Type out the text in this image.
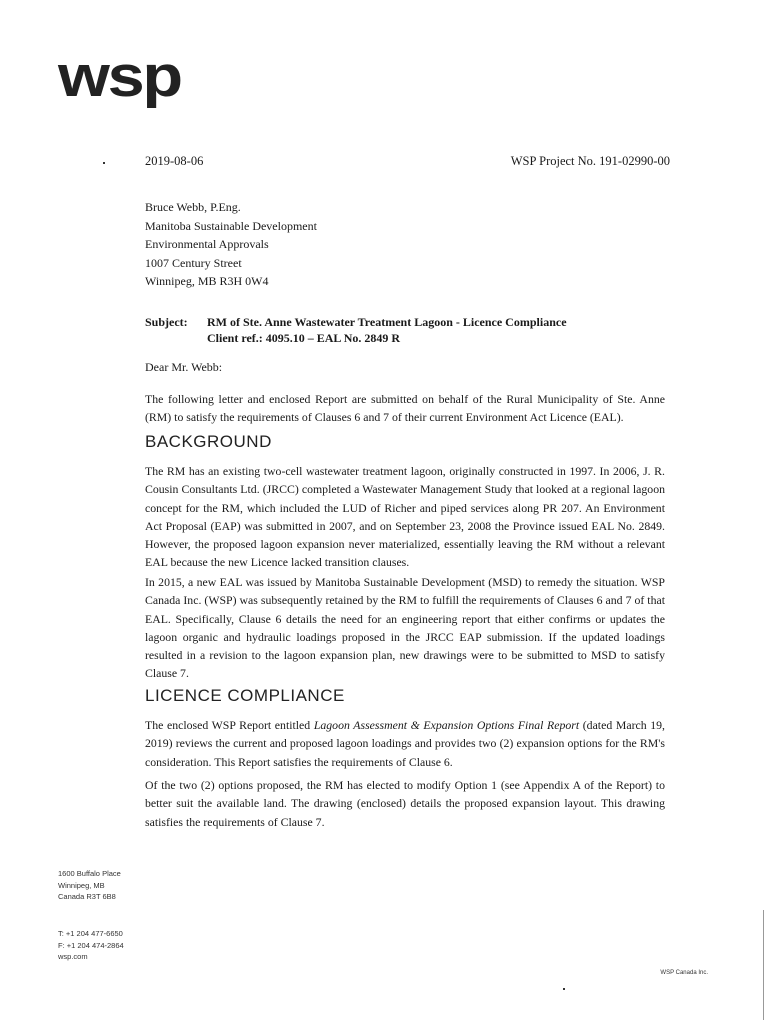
wsp
2019-08-06	WSP Project No. 191-02990-00
Bruce Webb, P.Eng.
Manitoba Sustainable Development
Environmental Approvals
1007 Century Street
Winnipeg, MB R3H 0W4
Subject: RM of Ste. Anne Wastewater Treatment Lagoon - Licence Compliance
Client ref.: 4095.10 – EAL No. 2849 R
Dear Mr. Webb:
The following letter and enclosed Report are submitted on behalf of the Rural Municipality of Ste. Anne (RM) to satisfy the requirements of Clauses 6 and 7 of their current Environment Act Licence (EAL).
BACKGROUND
The RM has an existing two-cell wastewater treatment lagoon, originally constructed in 1997. In 2006, J. R. Cousin Consultants Ltd. (JRCC) completed a Wastewater Management Study that looked at a regional lagoon concept for the RM, which included the LUD of Richer and piped services along PR 207. An Environment Act Proposal (EAP) was submitted in 2007, and on September 23, 2008 the Province issued EAL No. 2849. However, the proposed lagoon expansion never materialized, essentially leaving the RM without a relevant EAL because the new Licence lacked transition clauses.
In 2015, a new EAL was issued by Manitoba Sustainable Development (MSD) to remedy the situation. WSP Canada Inc. (WSP) was subsequently retained by the RM to fulfill the requirements of Clauses 6 and 7 of that EAL. Specifically, Clause 6 details the need for an engineering report that either confirms or updates the lagoon organic and hydraulic loadings proposed in the JRCC EAP submission. If the updated loadings resulted in a revision to the lagoon expansion plan, new drawings were to be submitted to MSD to satisfy Clause 7.
LICENCE COMPLIANCE
The enclosed WSP Report entitled Lagoon Assessment & Expansion Options Final Report (dated March 19, 2019) reviews the current and proposed lagoon loadings and provides two (2) expansion options for the RM's consideration. This Report satisfies the requirements of Clause 6.
Of the two (2) options proposed, the RM has elected to modify Option 1 (see Appendix A of the Report) to better suit the available land. The drawing (enclosed) details the proposed expansion layout. This drawing satisfies the requirements of Clause 7.
1600 Buffalo Place
Winnipeg, MB
Canada R3T 6B8
T: +1 204 477-6650
F: +1 204 474-2864
wsp.com
WSP Canada Inc.
